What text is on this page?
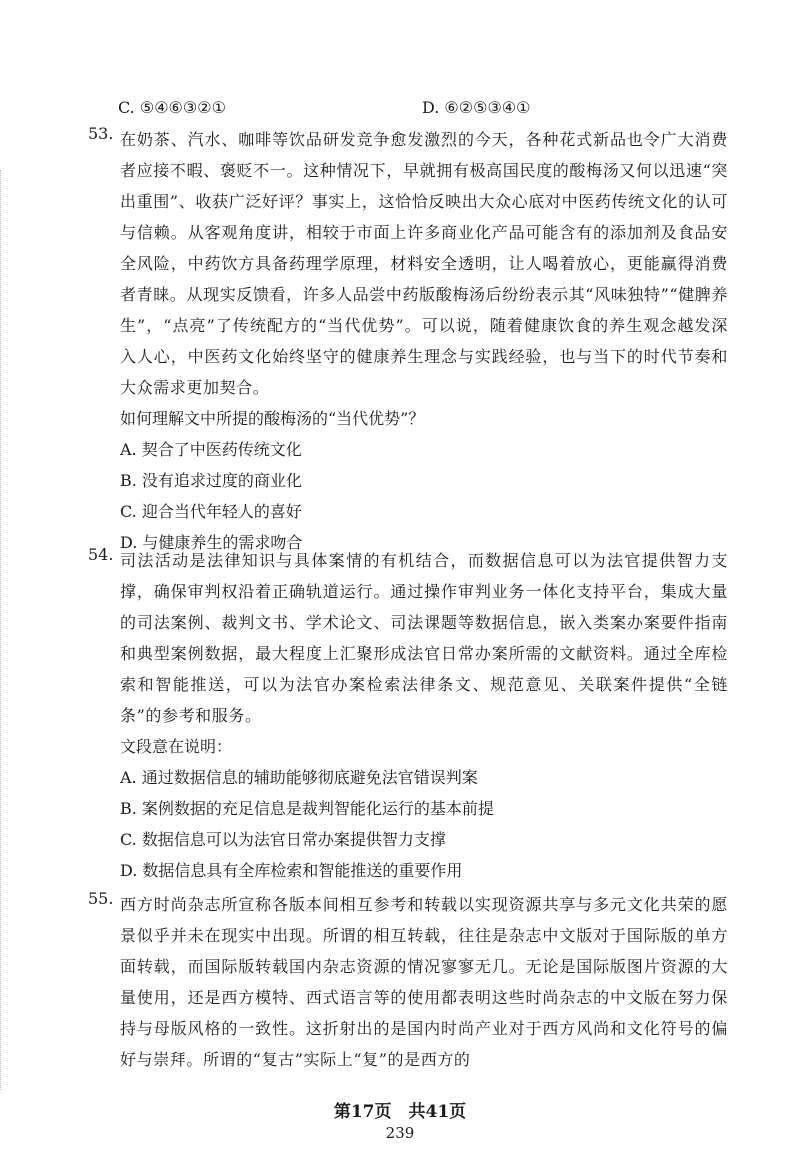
C. ⑤④⑥③②①	D. ⑥②⑤③④①
53. 在奶茶、汽水、咖啡等饮品研发竞争愈发激烈的今天，各种花式新品也令广大消费者应接不暇、褒贬不一。这种情况下，早就拥有极高国民度的酸梅汤又何以迅速“突出重围”、收获广泛好评？事实上，这恰恰反映出大众心底对中医药传统文化的认可与信赖。从客观角度讲，相较于市面上许多商业化产品可能含有的添加剂及食品安全风险，中药饮方具备药理学原理，材料安全透明，让人喝着放心，更能赢得消费者青睐。从现实反馈看，许多人品尝中药版酸梅汤后纷纷表示其“风味独特”“健脾养生”，“点亮”了传统配方的“当代优势”。可以说，随着健康饮食的养生观念越发深入人心，中医药文化始终坚守的健康养生理念与实践经验，也与当下的时代节奏和大众需求更加契合。
如何理解文中所提的酸梅汤的“当代优势”？
A. 契合了中医药传统文化
B. 没有追求过度的商业化
C. 迎合当代年轻人的喜好
D. 与健康养生的需求吻合
54. 司法活动是法律知识与具体案情的有机结合，而数据信息可以为法官提供智力支撑，确保审判权沿着正确轨道运行。通过操作审判业务一体化支持平台，集成大量的司法案例、裁判文书、学术论文、司法课题等数据信息，嵌入类案办案要件指南和典型案例数据，最大程度上汇聚形成法官日常办案所需的文献资料。通过全库检索和智能推送，可以为法官办案检索法律条文、规范意见、关联案件提供“全链条”的参考和服务。
文段意在说明：
A. 通过数据信息的辅助能够彻底避免法官错误判案
B. 案例数据的充足信息是裁判智能化运行的基本前提
C. 数据信息可以为法官日常办案提供智力支撑
D. 数据信息具有全库检索和智能推送的重要作用
55. 西方时尚杂志所宣称各版本间相互参考和转载以实现资源共享与多元文化共荣的愿景似乎并未在现实中出现。所谓的相互转载，往往是杂志中文版对于国际版的单方面转载，而国际版转载国内杂志资源的情况寥寥无几。无论是国际版图片资源的大量使用，还是西方模特、西式语言等的使用都表明这些时尚杂志的中文版在努力保持与母版风格的一致性。这折射出的是国内时尚产业对于西方风尚和文化符号的偏好与崇拜。所谓的“复古”实际上“复”的是西方的
第17页　共41页
239
